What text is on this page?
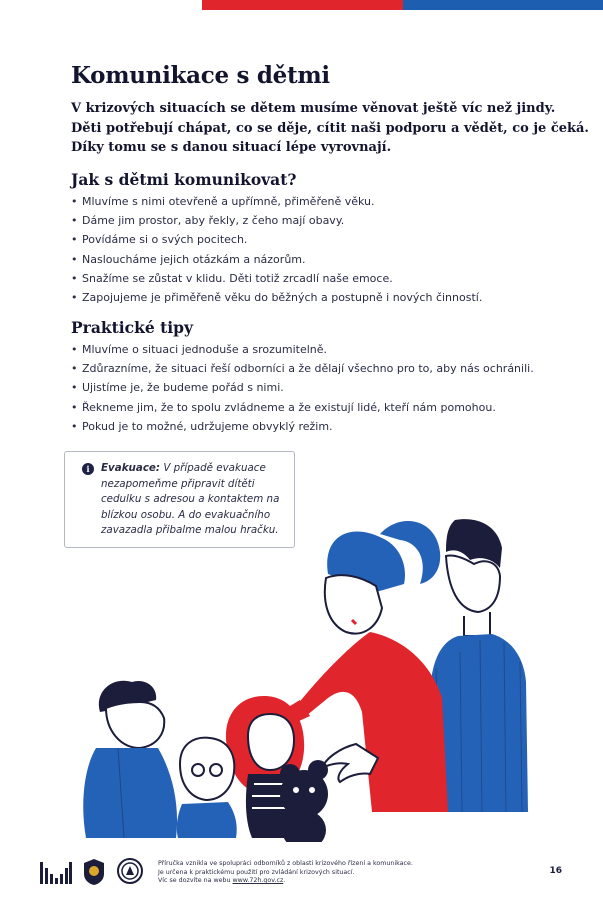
Komunikace s dětmi

V krizových situacích se dětem musíme věnovat ještě víc než jindy.
Děti potřebují chápat, co se děje, cítit naši podporu a vědět, co je čeká.
Díky tomu se s danou situací lépe vyrovnají.

Jak s dětmi komunikovat?
• Mluvíme s nimi otevřeně a upřímně, přiměřeně věku.
• Dáme jim prostor, aby řekly, z čeho mají obavy.
• Povídáme si o svých pocitech.
• Nasloucháme jejich otázkám a názorům.
• Snažíme se zůstat v klidu. Děti totiž zrcadlí naše emoce.
• Zapojujeme je přiměřeně věku do běžných a postupně i nových činností.
Praktické tipy
• Mluvíme o situaci jednoduše a srozumitelně.
• Zdůrazníme, že situaci řeší odborníci a že dělají všechno pro to, aby nás ochránili.
• Ujistíme je, že budeme pořád s nimi.
• Řekneme jim, že to spolu zvládneme a že existují lidé, kteří nám pomohou.
• Pokud je to možné, udržujeme obvyklý režim.
i	Evakuace: V případě evakuace nezapomeňme připravit dítěti cedulku s adresou a kontaktem na blízkou osobu. A do evakuačního zavazadla přibalme malou hračku.

Příručka vznikla ve spolupráci odborníků z oblasti krizového řízení a komunikace.
Je určena k praktickému použití pro zvládání krizových situací.
Víc se dozvíte na webu www.72h.gov.cz.

16
